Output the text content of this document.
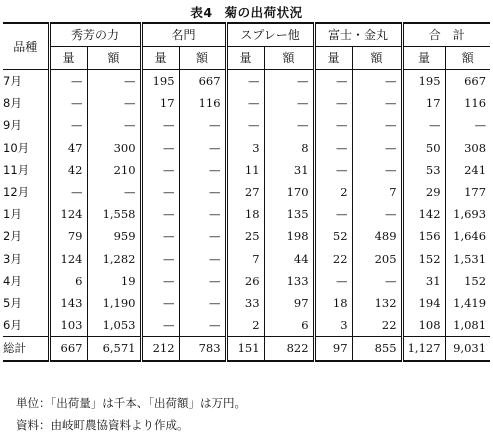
表4 菊の出荷状況
品種	秀芳の力		名門		スプレー他		富士・金丸		合　計	
	量	額	量	額	量	額	量	額	量	額
7月	—	—	195	667	—	—	—	—	195	667
8月	—	—	17	116	—	—	—	—	17	116
9月	—	—	—	—	—	—	—	—	—	—
10月	47	300	—	—	3	8	—	—	50	308
11月	42	210	—	—	11	31	—	—	53	241
12月	—	—	—	—	27	170	2	7	29	177
1月	124	1,558	—	—	18	135	—	—	142	1,693
2月	79	959	—	—	25	198	52	489	156	1,646
3月	124	1,282	—	—	7	44	22	205	152	1,531
4月	6	19	—	—	26	133	—	—	31	152
5月	143	1,190	—	—	33	97	18	132	194	1,419
6月	103	1,053	—	—	2	6	3	22	108	1,081
総計	667	6,571	212	783	151	822	97	855	1,127	9,031
単位：「出荷量」は千本、「出荷額」は万円。
資料：由岐町農協資料より作成。
